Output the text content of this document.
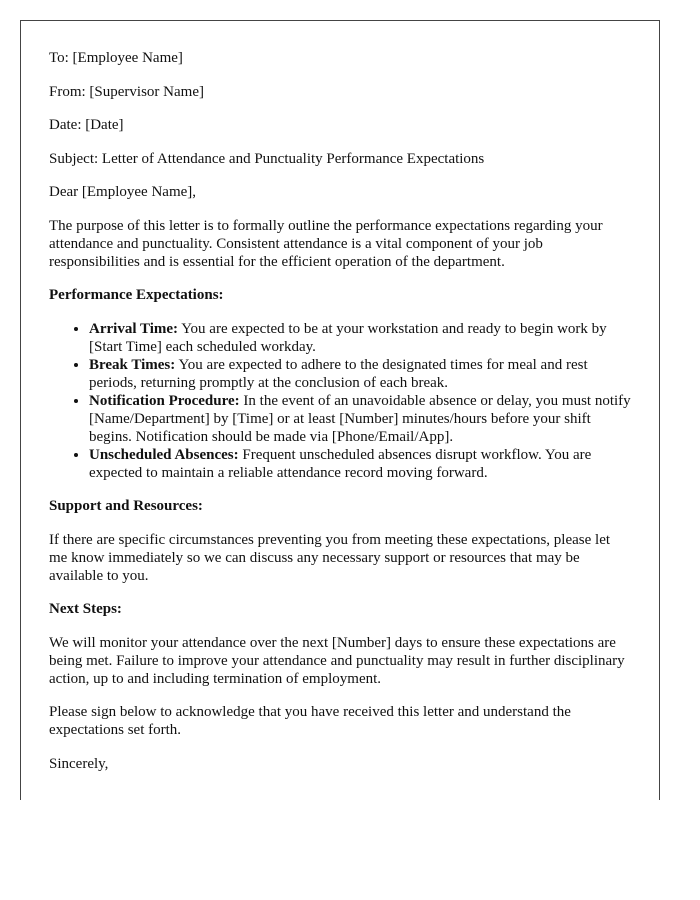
To: [Employee Name]

From: [Supervisor Name]

Date: [Date]

Subject: Letter of Attendance and Punctuality Performance Expectations

Dear [Employee Name],

The purpose of this letter is to formally outline the performance expectations regarding your attendance and punctuality. Consistent attendance is a vital component of your job responsibilities and is essential for the efficient operation of the department.

Performance Expectations:

• Arrival Time: You are expected to be at your workstation and ready to begin work by [Start Time] each scheduled workday.
• Break Times: You are expected to adhere to the designated times for meal and rest periods, returning promptly at the conclusion of each break.
• Notification Procedure: In the event of an unavoidable absence or delay, you must notify [Name/Department] by [Time] or at least [Number] minutes/hours before your shift begins. Notification should be made via [Phone/Email/App].
• Unscheduled Absences: Frequent unscheduled absences disrupt workflow. You are expected to maintain a reliable attendance record moving forward.

Support and Resources:

If there are specific circumstances preventing you from meeting these expectations, please let me know immediately so we can discuss any necessary support or resources that may be available to you.

Next Steps:

We will monitor your attendance over the next [Number] days to ensure these expectations are being met. Failure to improve your attendance and punctuality may result in further disciplinary action, up to and including termination of employment.

Please sign below to acknowledge that you have received this letter and understand the expectations set forth.

Sincerely,
